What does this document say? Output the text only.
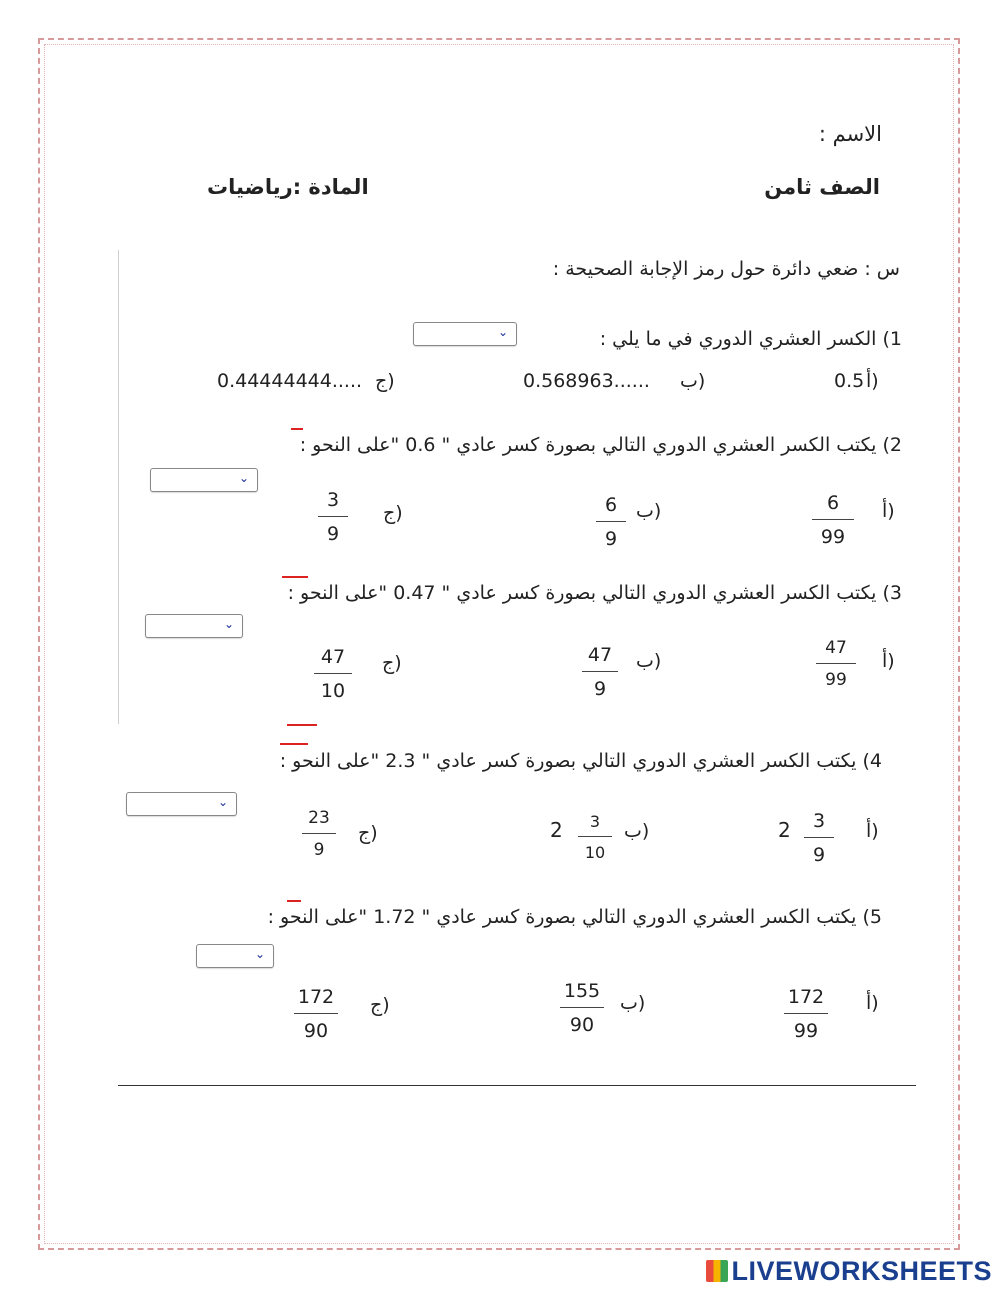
الاسم :
الصف ثامن
المادة :رياضيات
س : ضعي دائرة حول رمز الإجابة الصحيحة :
1) الكسر العشري الدوري في ما يلي :
⌄
أ)
0.5
ب)
0.568963......
ج)
0.44444444.....
2) يكتب الكسر العشري الدوري التالي بصورة كسر عادي " 0.6 "على النحو :
⌄
أ)
6
99
ب)
6
9
ج)
3
9
3) يكتب الكسر العشري الدوري التالي بصورة كسر عادي " 0.47 "على النحو :
⌄
أ)
47
99
ب)
47
9
ج)
47
10
4) يكتب الكسر العشري الدوري التالي بصورة كسر عادي " 2.3 "على النحو :
⌄
أ)
2	3
9
ب)
2	3
10
ج)
23
9
5) يكتب الكسر العشري الدوري التالي بصورة كسر عادي " 1.72 "على النحو :
⌄
أ)
172
99
ب)
155
90
ج)
172
90
LIVEWORKSHEETS
